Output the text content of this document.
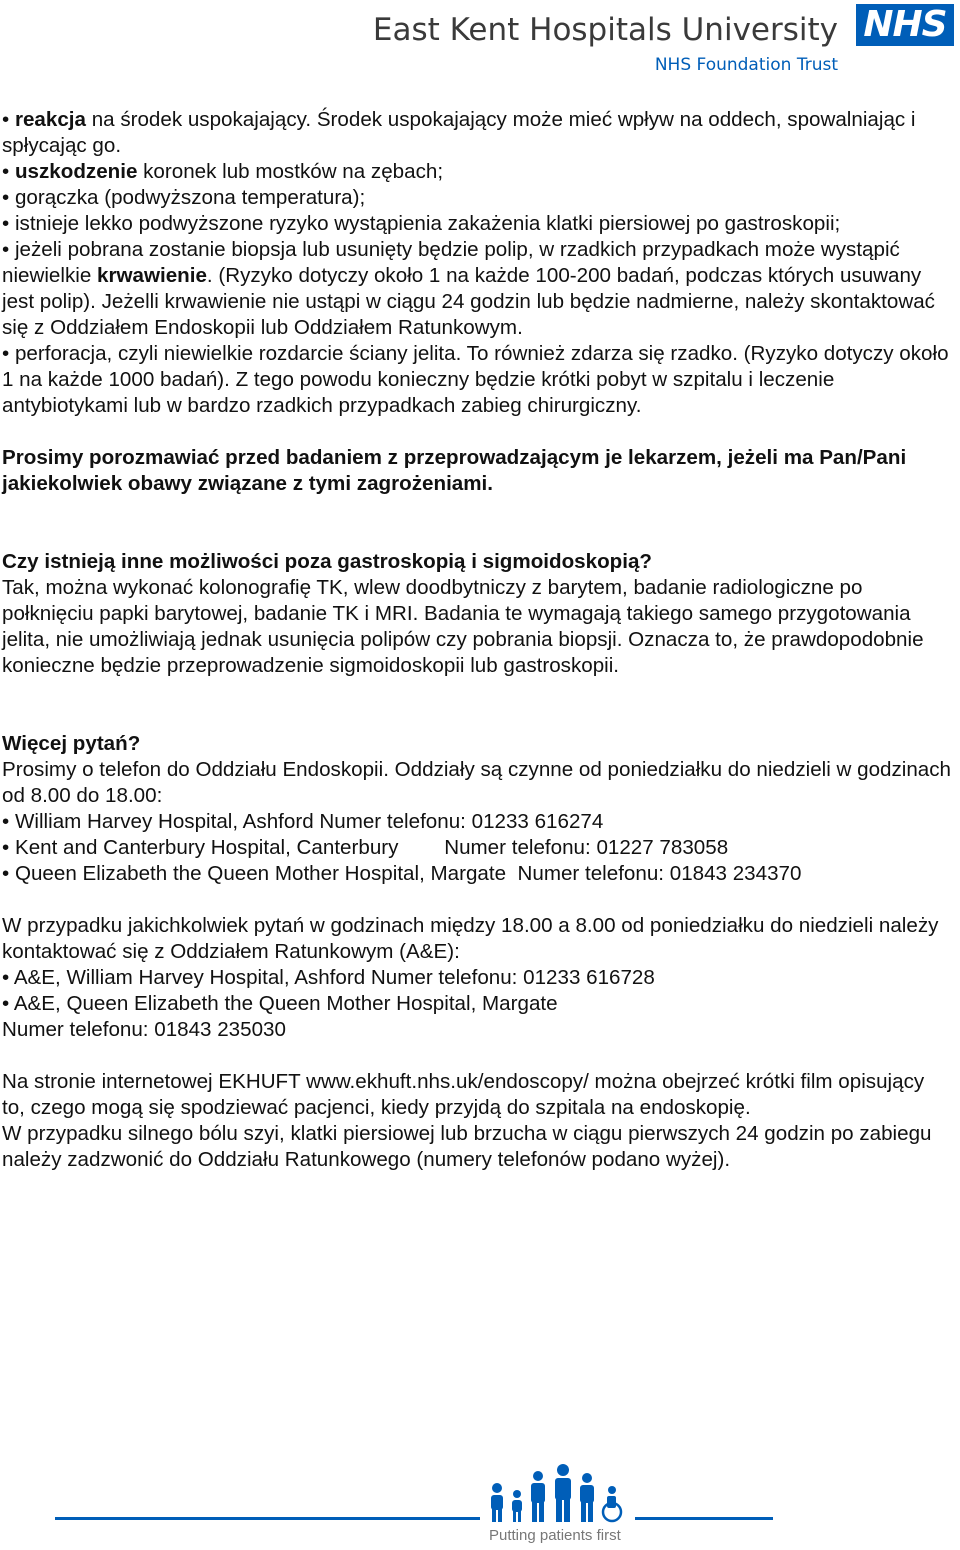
East Kent Hospitals University
NHS Foundation Trust
NHS

• reakcja na środek uspokajający. Środek uspokajający może mieć wpływ na oddech, spowalniając i spłycając go.

• uszkodzenie koronek lub mostków na zębach;

• gorączka (podwyższona temperatura);

• istnieje lekko podwyższone ryzyko wystąpienia zakażenia klatki piersiowej po gastroskopii;

• jeżeli pobrana zostanie biopsja lub usunięty będzie polip, w rzadkich przypadkach może wystąpić niewielkie krwawienie. (Ryzyko dotyczy około 1 na każde 100-200 badań, podczas których usuwany jest polip). Jeżelli krwawienie nie ustąpi w ciągu 24 godzin lub będzie nadmierne, należy skontaktować się z Oddziałem Endoskopii lub Oddziałem Ratunkowym.

• perforacja, czyli niewielkie rozdarcie ściany jelita. To również zdarza się rzadko. (Ryzyko dotyczy około 1 na każde 1000 badań). Z tego powodu konieczny będzie krótki pobyt w szpitalu i leczenie antybiotykami lub w bardzo rzadkich przypadkach zabieg chirurgiczny.

Prosimy porozmawiać przed badaniem z przeprowadzającym je lekarzem, jeżeli ma Pan/Pani jakiekolwiek obawy związane z tymi zagrożeniami.

Czy istnieją inne możliwości poza gastroskopią i sigmoidoskopią?

Tak, można wykonać kolonografię TK, wlew doodbytniczy z barytem, badanie radiologiczne po połknięciu papki barytowej, badanie TK i MRI. Badania te wymagają takiego samego przygotowania jelita, nie umożliwiają jednak usunięcia polipów czy pobrania biopsji. Oznacza to, że prawdopodobnie konieczne będzie przeprowadzenie sigmoidoskopii lub gastroskopii.

Więcej pytań?

Prosimy o telefon do Oddziału Endoskopii. Oddziały są czynne od poniedziałku do niedzieli w godzinach od 8.00 do 18.00:

• William Harvey Hospital, Ashford Numer telefonu: 01233 616274

• Kent and Canterbury Hospital, Canterbury        Numer telefonu: 01227 783058

• Queen Elizabeth the Queen Mother Hospital, Margate  Numer telefonu: 01843 234370

W przypadku jakichkolwiek pytań w godzinach między 18.00 a 8.00 od poniedziałku do niedzieli należy kontaktować się z Oddziałem Ratunkowym (A&E):

• A&E, William Harvey Hospital, Ashford Numer telefonu: 01233 616728

• A&E, Queen Elizabeth the Queen Mother Hospital, Margate

Numer telefonu: 01843 235030

Na stronie internetowej EKHUFT www.ekhuft.nhs.uk/endoscopy/ można obejrzeć krótki film opisujący to, czego mogą się spodziewać pacjenci, kiedy przyjdą do szpitala na endoskopię.

W przypadku silnego bólu szyi, klatki piersiowej lub brzucha w ciągu pierwszych 24 godzin po zabiegu należy zadzwonić do Oddziału Ratunkowego (numery telefonów podano wyżej).

Putting patients first
